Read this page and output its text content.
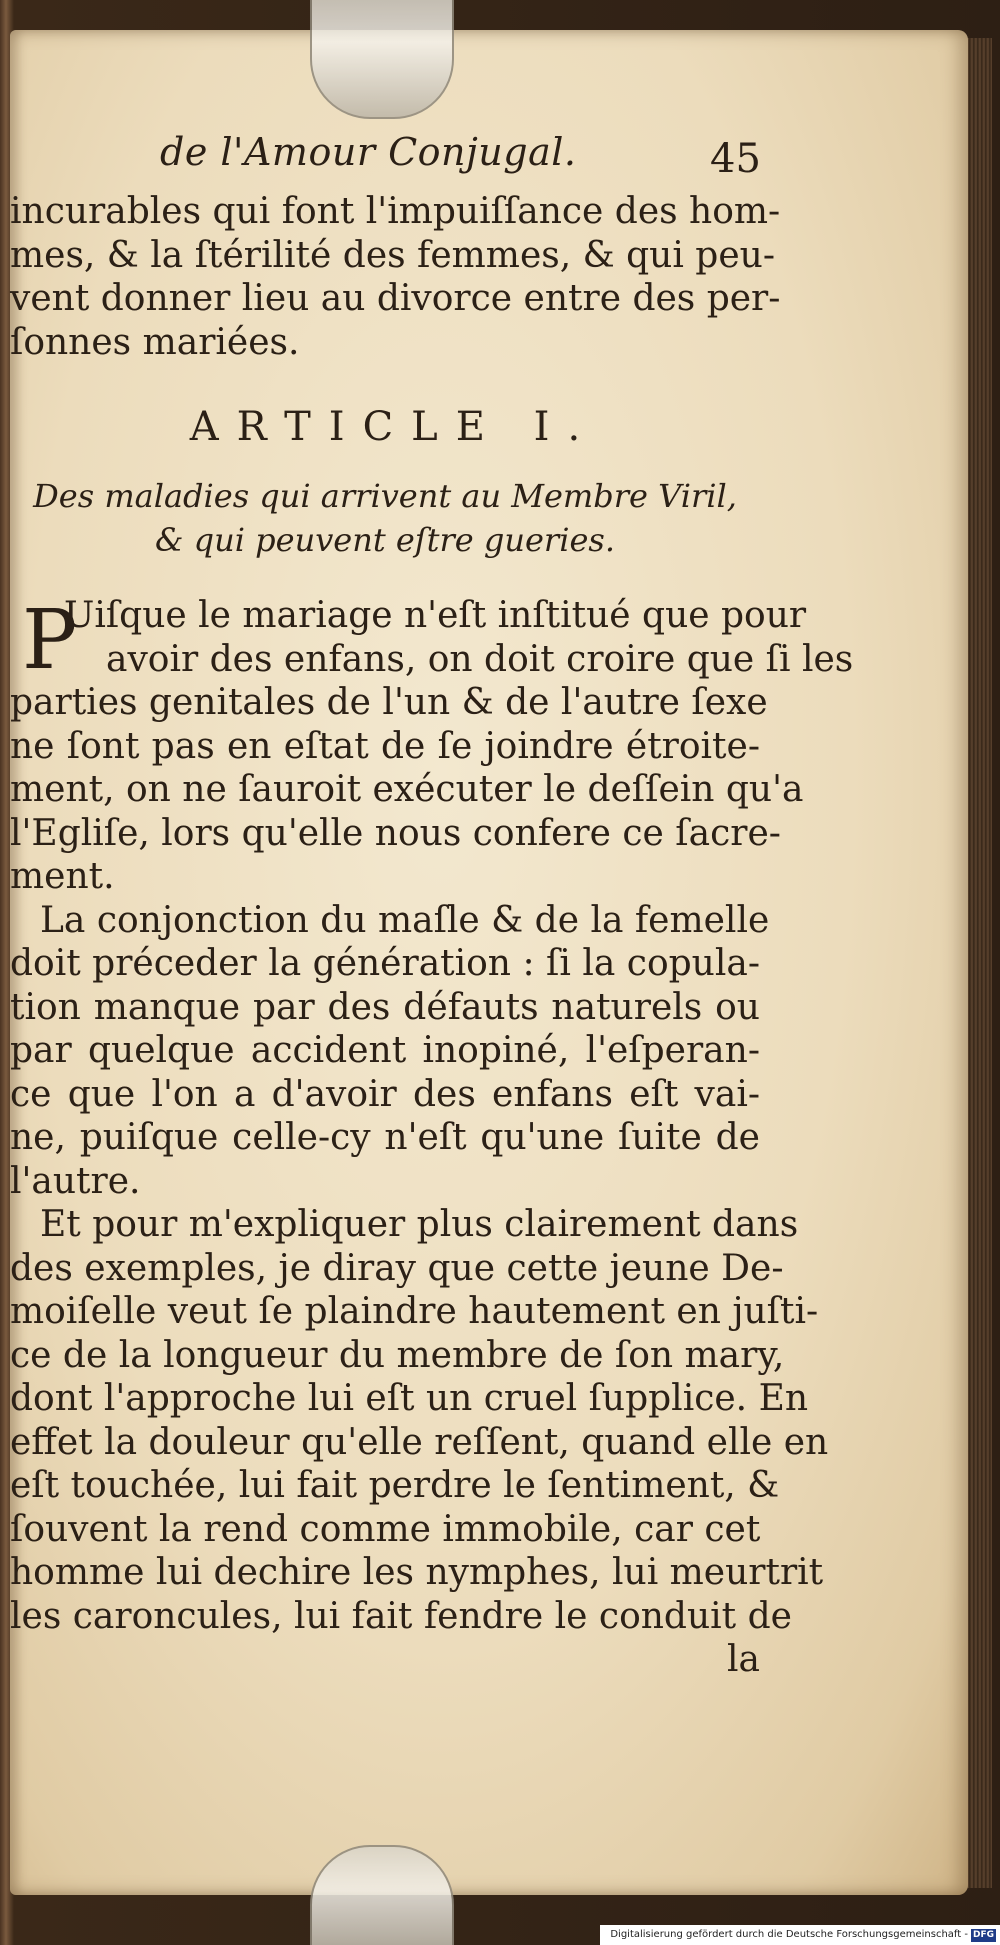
de l'Amour Conjugal.	45
incurables qui font l'impuiſſance des hom-
mes, & la ſtérilité des femmes, & qui peu-
vent donner lieu au divorce entre des per-
ſonnes mariées.
ARTICLE I.
Des maladies qui arrivent au Membre Viril,
& qui peuvent eſtre gueries.
P
Uiſque le mariage n'eſt inſtitué que pour
avoir des enfans, on doit croire que ſi les
parties genitales de l'un & de l'autre ſexe
ne ſont pas en eſtat de ſe joindre étroite-
ment, on ne ſauroit exécuter le deſſein qu'a
l'Egliſe, lors qu'elle nous confere ce ſacre-
ment.
La conjonction du maſle & de la femelle
doit préceder la génération : ſi la copula-
tion manque par des défauts naturels ou
par quelque accident inopiné, l'eſperan-
ce que l'on a d'avoir des enfans eſt vai-
ne, puiſque celle-cy n'eſt qu'une ſuite de
l'autre.
Et pour m'expliquer plus clairement dans
des exemples, je diray que cette jeune De-
moiſelle veut ſe plaindre hautement en juſti-
ce de la longueur du membre de ſon mary,
dont l'approche lui eſt un cruel ſupplice. En
effet la douleur qu'elle reſſent, quand elle en
eſt touchée, lui fait perdre le ſentiment, &
ſouvent la rend comme immobile, car cet
homme lui dechire les nymphes, lui meurtrit
les caroncules, lui fait fendre le conduit de
la
Digitalisierung gefördert durch die Deutsche Forschungsgemeinschaft - DFG
